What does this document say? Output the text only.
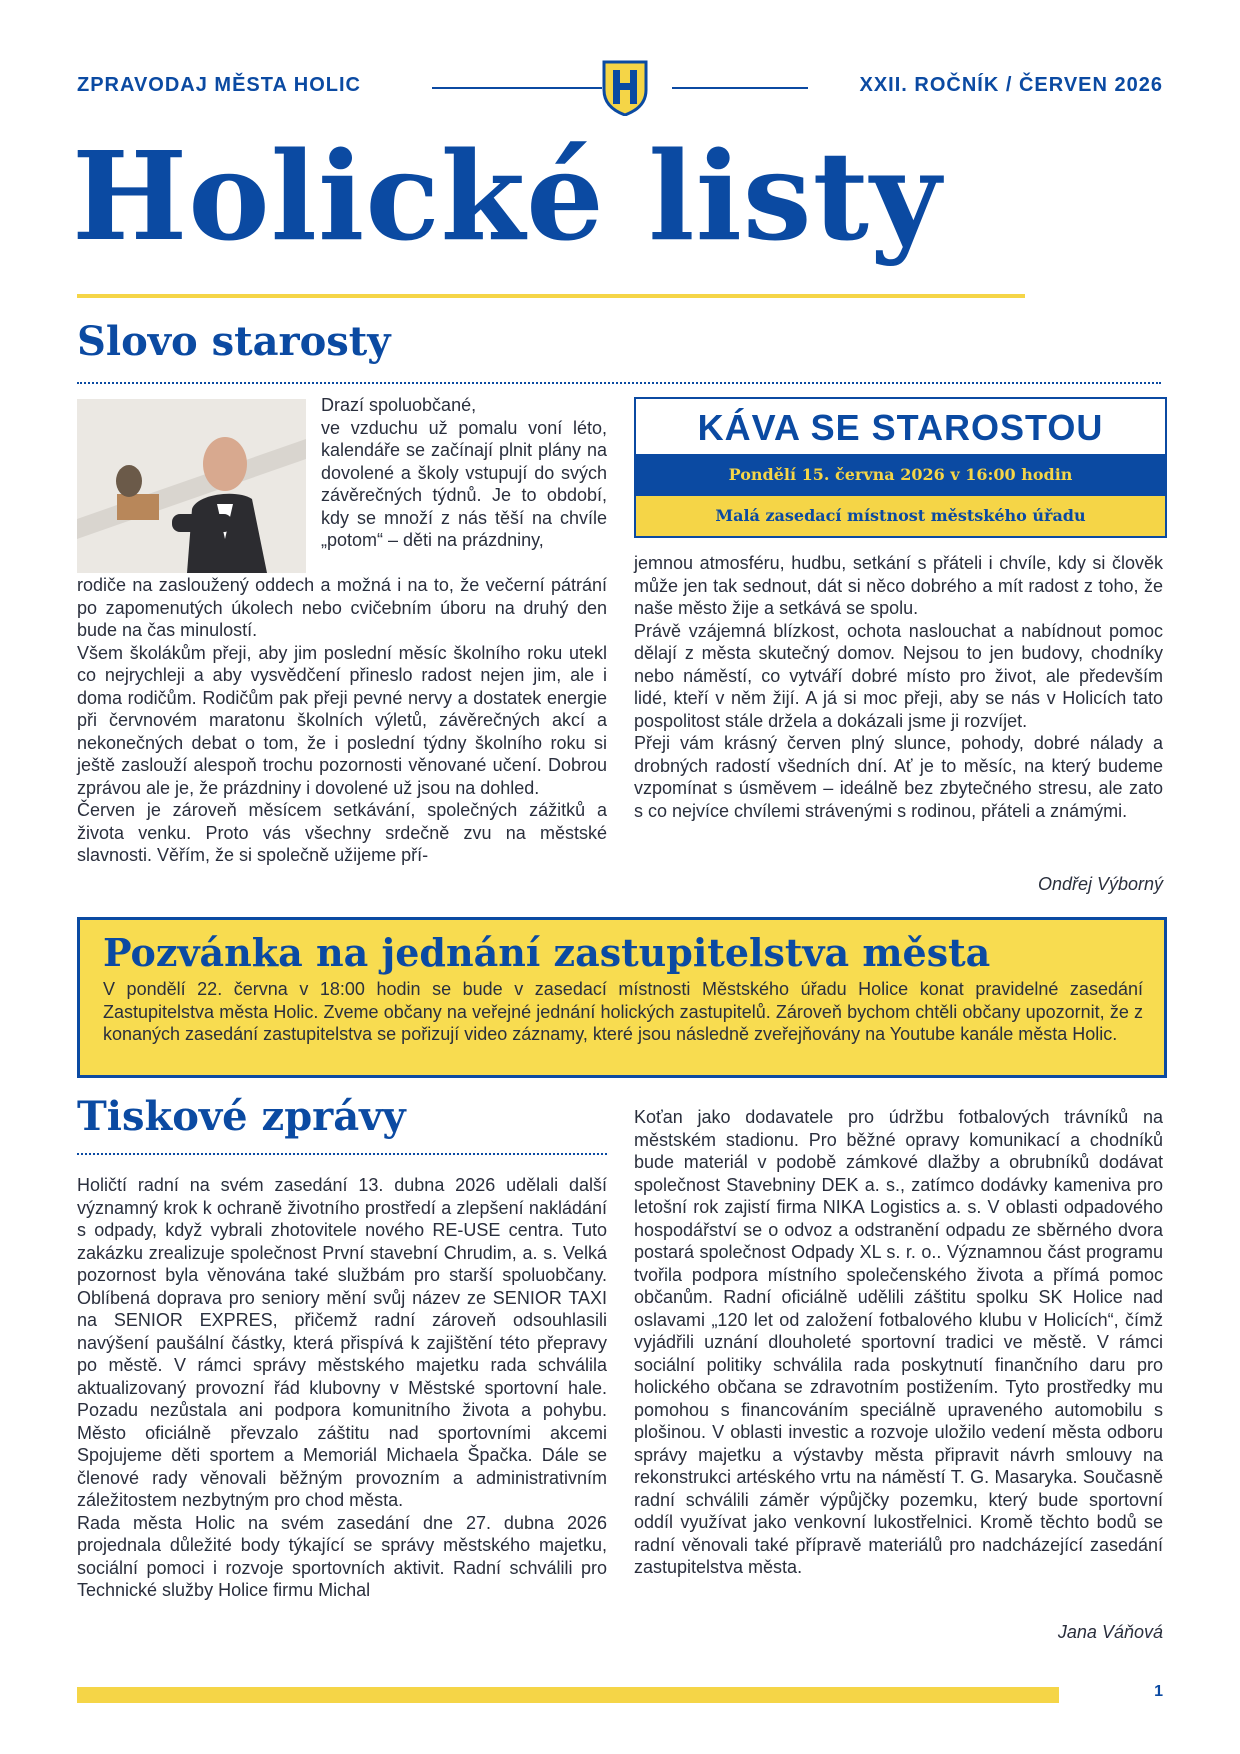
ZPRAVODAJ MĚSTA HOLIC	XXII. ROČNÍK / ČERVEN 2026
Holické listy
Slovo starosty

Drazí spoluobčané,

ve vzduchu už pomalu voní léto, kalendáře se začínají plnit plány na dovolené a školy vstupují do svých závěrečných týdnů. Je to období, kdy se množí z nás těší na chvíle „potom“ – děti na prázdniny,

rodiče na zasloužený oddech a možná i na to, že večerní pátrání po zapomenutých úkolech nebo cvičebním úboru na druhý den bude na čas minulostí.

Všem školákům přeji, aby jim poslední měsíc školního roku utekl co nejrychleji a aby vysvědčení přineslo radost nejen jim, ale i doma rodičům. Rodičům pak přeji pevné nervy a dostatek energie při červnovém maratonu školních výletů, závěrečných akcí a nekonečných debat o tom, že i poslední týdny školního roku si ještě zaslouží alespoň trochu pozornosti věnované učení. Dobrou zprávou ale je, že prázdniny i dovolené už jsou na dohled.

Červen je zároveň měsícem setkávání, společných zážitků a života venku. Proto vás všechny srdečně zvu na městské slavnosti. Věřím, že si společně užijeme pří-

KÁVA SE STAROSTOU
Pondělí 15. června 2026 v 16:00 hodin
Malá zasedací místnost městského úřadu

jemnou atmosféru, hudbu, setkání s přáteli i chvíle, kdy si člověk může jen tak sednout, dát si něco dobrého a mít radost z toho, že naše město žije a setkává se spolu.

Právě vzájemná blízkost, ochota naslouchat a nabídnout pomoc dělají z města skutečný domov. Nejsou to jen budovy, chodníky nebo náměstí, co vytváří dobré místo pro život, ale především lidé, kteří v něm žijí. A já si moc přeji, aby se nás v Holicích tato pospolitost stále držela a dokázali jsme ji rozvíjet.

Přeji vám krásný červen plný slunce, pohody, dobré nálady a drobných radostí všedních dní. Ať je to měsíc, na který budeme vzpomínat s úsměvem – ideálně bez zbytečného stresu, ale zato s co nejvíce chvílemi strávenými s rodinou, přáteli a známými.

Ondřej Výborný
Pozvánka na jednání zastupitelstva města
V pondělí 22. června v 18:00 hodin se bude v zasedací místnosti Městského úřadu Holice konat pravidelné zasedání Zastupitelstva města Holic. Zveme občany na veřejné jednání holických zastupitelů. Zároveň bychom chtěli občany upozornit, že z konaných zasedání zastupitelstva se pořizují video záznamy, které jsou následně zveřejňovány na Youtube kanále města Holic.
Tiskové zprávy

Holičtí radní na svém zasedání 13. dubna 2026 udělali další významný krok k ochraně životního prostředí a zlepšení nakládání s odpady, když vybrali zhotovitele nového RE-USE centra. Tuto zakázku zrealizuje společnost První stavební Chrudim, a. s. Velká pozornost byla věnována také službám pro starší spoluobčany. Oblíbená doprava pro seniory mění svůj název ze SENIOR TAXI na SENIOR EXPRES, přičemž radní zároveň odsouhlasili navýšení paušální částky, která přispívá k zajištění této přepravy po městě. V rámci správy městského majetku rada schválila aktualizovaný provozní řád klubovny v Městské sportovní hale. Pozadu nezůstala ani podpora komunitního života a pohybu. Město oficiálně převzalo záštitu nad sportovními akcemi Spojujeme děti sportem a Memoriál Michaela Špačka. Dále se členové rady věnovali běžným provozním a administrativním záležitostem nezbytným pro chod města.

Rada města Holic na svém zasedání dne 27. dubna 2026 projednala důležité body týkající se správy městského majetku, sociální pomoci i rozvoje sportovních aktivit. Radní schválili pro Technické služby Holice firmu Michal

Koťan jako dodavatele pro údržbu fotbalových trávníků na městském stadionu. Pro běžné opravy komunikací a chodníků bude materiál v podobě zámkové dlažby a obrubníků dodávat společnost Stavebniny DEK a. s., zatímco dodávky kameniva pro letošní rok zajistí firma NIKA Logistics a. s. V oblasti odpadového hospodářství se o odvoz a odstranění odpadu ze sběrného dvora postará společnost Odpady XL s. r. o.. Významnou část programu tvořila podpora místního společenského života a přímá pomoc občanům. Radní oficiálně udělili záštitu spolku SK Holice nad oslavami „120 let od založení fotbalového klubu v Holicích“, čímž vyjádřili uznání dlouholeté sportovní tradici ve městě. V rámci sociální politiky schválila rada poskytnutí finančního daru pro holického občana se zdravotním postižením. Tyto prostředky mu pomohou s financováním speciálně upraveného automobilu s plošinou. V oblasti investic a rozvoje uložilo vedení města odboru správy majetku a výstavby města připravit návrh smlouvy na rekonstrukci artéského vrtu na náměstí T. G. Masaryka. Současně radní schválili záměr výpůjčky pozemku, který bude sportovní oddíl využívat jako venkovní lukostřelnici. Kromě těchto bodů se radní věnovali také přípravě materiálů pro nadcházející zasedání zastupitelstva města.

Jana Váňová
1
